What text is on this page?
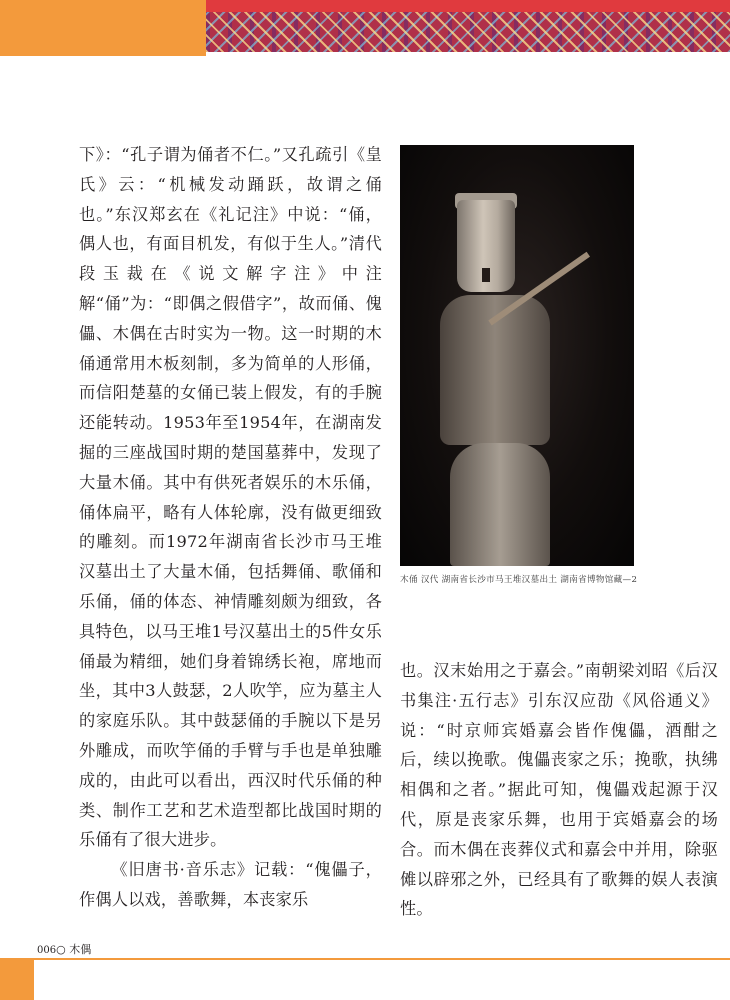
下》：“孔子谓为俑者不仁。”又孔疏引《皇氏》云：“机械发动踊跃，故谓之俑也。”东汉郑玄在《礼记注》中说：“俑，偶人也，有面目机发，有似于生人。”清代段玉裁在《说文解字注》中注解“俑”为：“即偶之假借字”，故而俑、傀儡、木偶在古时实为一物。这一时期的木俑通常用木板刻制，多为简单的人形俑，而信阳楚墓的女俑已装上假发，有的手腕还能转动。1953年至1954年，在湖南发掘的三座战国时期的楚国墓葬中，发现了大量木俑。其中有供死者娱乐的木乐俑，俑体扁平，略有人体轮廓，没有做更细致的雕刻。而1972年湖南省长沙市马王堆汉墓出土了大量木俑，包括舞俑、歌俑和乐俑，俑的体态、神情雕刻颇为细致，各具特色，以马王堆1号汉墓出土的5件女乐俑最为精细，她们身着锦绣长袍，席地而坐，其中3人鼓瑟，2人吹竽，应为墓主人的家庭乐队。其中鼓瑟俑的手腕以下是另外雕成，而吹竽俑的手臂与手也是单独雕成的，由此可以看出，西汉时代乐俑的种类、制作工艺和艺术造型都比战国时期的乐俑有了很大进步。

《旧唐书·音乐志》记载：“傀儡子，作偶人以戏，善歌舞，本丧家乐

木俑 汉代 湖南省长沙市马王堆汉墓出土 湖南省博物馆藏—2

也。汉末始用之于嘉会。”南朝梁刘昭《后汉书集注·五行志》引东汉应劭《风俗通义》说：“时京师宾婚嘉会皆作傀儡，酒酣之后，续以挽歌。傀儡丧家之乐；挽歌，执绋相偶和之者。”据此可知，傀儡戏起源于汉代，原是丧家乐舞，也用于宾婚嘉会的场合。而木偶在丧葬仪式和嘉会中并用，除驱傩以辟邪之外，已经具有了歌舞的娱人表演性。

006○ 木偶
